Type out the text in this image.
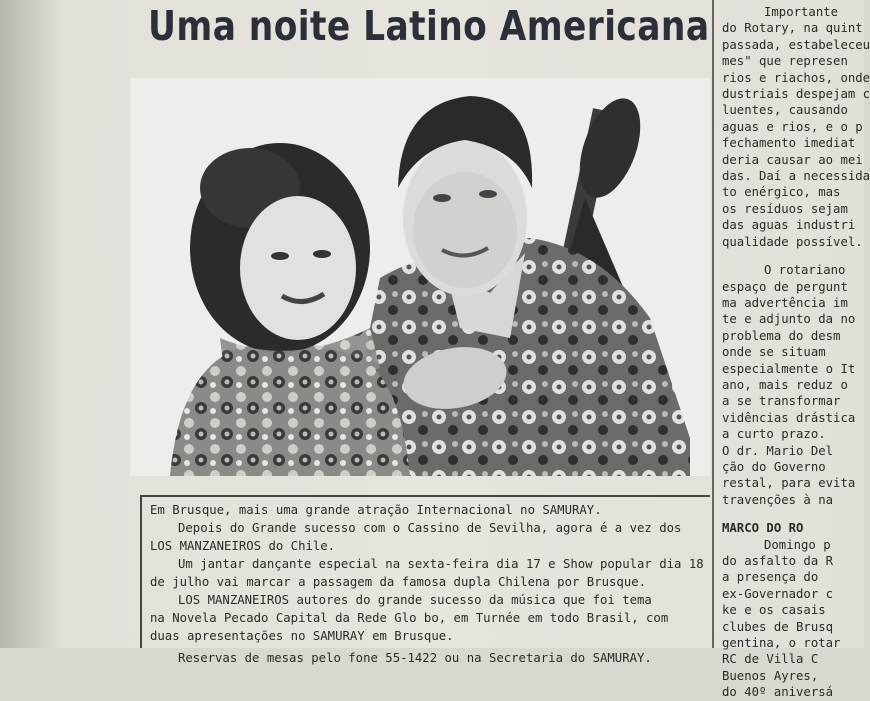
Uma noite Latino Americana

Em Brusque, mais uma grande atração Internacional no SAMURAY.

Depois do Grande sucesso com o Cassino de Sevilha, agora é a vez dos

LOS MANZANEIROS do Chile.

Um jantar dançante especial na sexta-feira dia 17 e Show popular dia 18

de julho vai marcar a passagem da famosa dupla Chilena por Brusque.

LOS MANZANEIROS autores do grande sucesso da música que foi tema

na Novela Pecado Capital da Rede Glo bo, em Turnée em todo Brasil, com

duas apresentações no SAMURAY em Brusque.

Reservas de mesas pelo fone 55-1422 ou na Secretaria do SAMURAY.

Importante

do Rotary, na quint

passada, estabeleceu

mes" que represen

rios e riachos, onde

dustriais despejam c

luentes, causando

aguas e rios, e o p

fechamento imediat

deria causar ao mei

das. Daí a necessida

to enérgico, mas

os resíduos sejam

das aguas industri

qualidade possível.

O rotariano

espaço de pergunt

ma advertência im

te e adjunto da no

problema do desm

onde se situam

especialmente o It

ano, mais reduz o

a se transformar

vidências drástica

a curto prazo.

O dr. Mario Del

ção do Governo

restal, para evita

travenções à na

MARCO DO RO

Domingo p

do asfalto da R

a presença do

ex-Governador c

ke e os casais

clubes de Brusq

gentina, o rotar

RC de Villa C

Buenos Ayres,

do 40º aniversá
